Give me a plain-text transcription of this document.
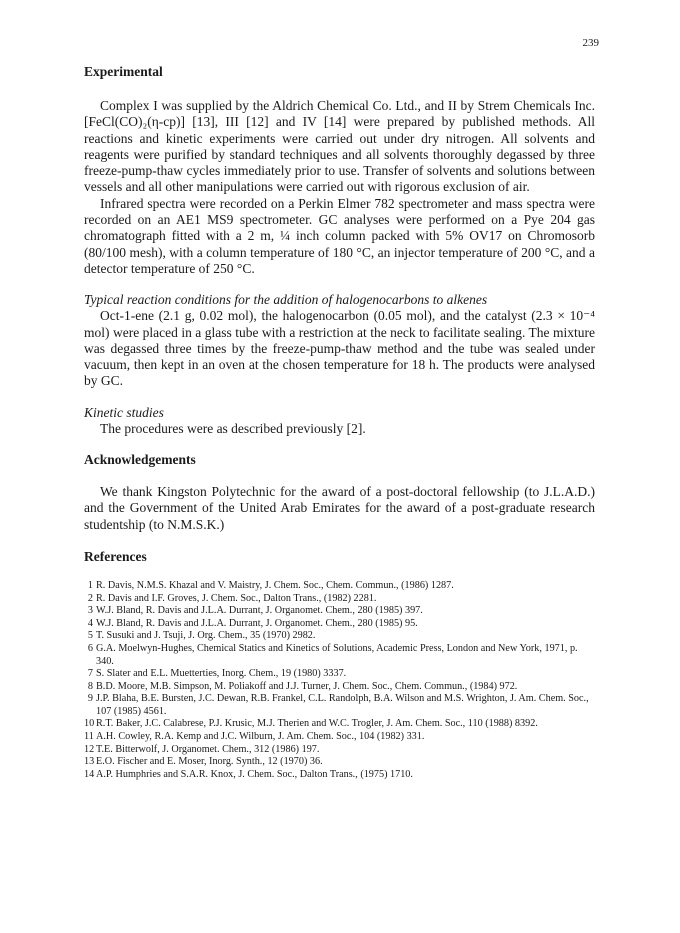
239
Experimental

Complex I was supplied by the Aldrich Chemical Co. Ltd., and II by Strem Chemicals Inc. [FeCl(CO)₂(η-cp)] [13], III [12] and IV [14] were prepared by published methods. All reactions and kinetic experiments were carried out under dry nitrogen. All solvents and reagents were purified by standard techniques and all solvents thoroughly degassed by three freeze-pump-thaw cycles immediately prior to use. Transfer of solvents and solutions between vessels and all other manipulations were carried out with rigorous exclusion of air.

Infrared spectra were recorded on a Perkin Elmer 782 spectrometer and mass spectra were recorded on an AE1 MS9 spectrometer. GC analyses were performed on a Pye 204 gas chromatograph fitted with a 2 m, ¼ inch column packed with 5% OV17 on Chromosorb (80/100 mesh), with a column temperature of 180 °C, an injector temperature of 200 °C, and a detector temperature of 250 °C.

Typical reaction conditions for the addition of halogenocarbons to alkenes

Oct-1-ene (2.1 g, 0.02 mol), the halogenocarbon (0.05 mol), and the catalyst (2.3 × 10⁻⁴ mol) were placed in a glass tube with a restriction at the neck to facilitate sealing. The mixture was degassed three times by the freeze-pump-thaw method and the tube was sealed under vacuum, then kept in an oven at the chosen temperature for 18 h. The products were analysed by GC.

Kinetic studies

The procedures were as described previously [2].

Acknowledgements

We thank Kingston Polytechnic for the award of a post-doctoral fellowship (to J.L.A.D.) and the Government of the United Arab Emirates for the award of a post-graduate research studentship (to N.M.S.K.)

References
1 R. Davis, N.M.S. Khazal and V. Maistry, J. Chem. Soc., Chem. Commun., (1986) 1287.
2 R. Davis and I.F. Groves, J. Chem. Soc., Dalton Trans., (1982) 2281.
3 W.J. Bland, R. Davis and J.L.A. Durrant, J. Organomet. Chem., 280 (1985) 397.
4 W.J. Bland, R. Davis and J.L.A. Durrant, J. Organomet. Chem., 280 (1985) 95.
5 T. Susuki and J. Tsuji, J. Org. Chem., 35 (1970) 2982.
6 G.A. Moelwyn-Hughes, Chemical Statics and Kinetics of Solutions, Academic Press, London and New York, 1971, p. 340.
7 S. Slater and E.L. Muetterties, Inorg. Chem., 19 (1980) 3337.
8 B.D. Moore, M.B. Simpson, M. Poliakoff and J.J. Turner, J. Chem. Soc., Chem. Commun., (1984) 972.
9 J.P. Blaha, B.E. Bursten, J.C. Dewan, R.B. Frankel, C.L. Randolph, B.A. Wilson and M.S. Wrighton, J. Am. Chem. Soc., 107 (1985) 4561.
10 R.T. Baker, J.C. Calabrese, P.J. Krusic, M.J. Therien and W.C. Trogler, J. Am. Chem. Soc., 110 (1988) 8392.
11 A.H. Cowley, R.A. Kemp and J.C. Wilburn, J. Am. Chem. Soc., 104 (1982) 331.
12 T.E. Bitterwolf, J. Organomet. Chem., 312 (1986) 197.
13 E.O. Fischer and E. Moser, Inorg. Synth., 12 (1970) 36.
14 A.P. Humphries and S.A.R. Knox, J. Chem. Soc., Dalton Trans., (1975) 1710.
